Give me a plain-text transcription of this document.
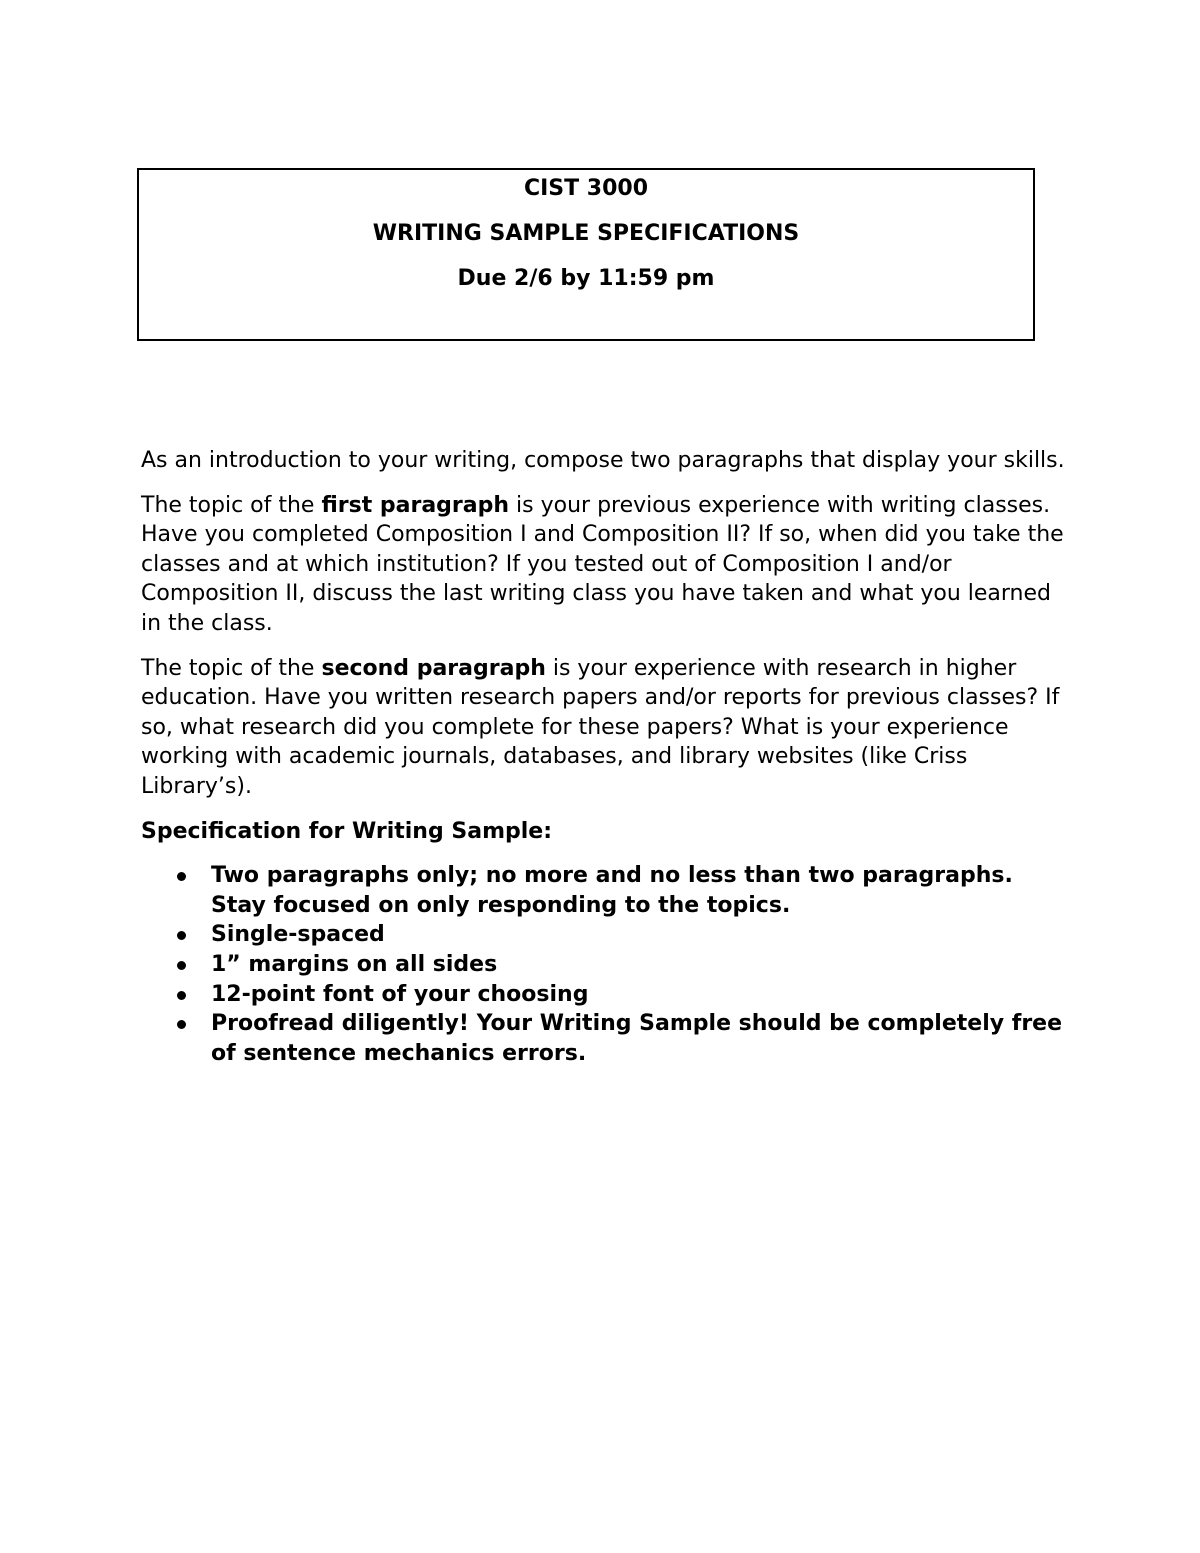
CIST 3000
WRITING SAMPLE SPECIFICATIONS
Due 2/6 by 11:59 pm

As an introduction to your writing, compose two paragraphs that display your skills.

The topic of the first paragraph is your previous experience with writing classes. Have you completed Composition I and Composition II? If so, when did you take the classes and at which institution? If you tested out of Composition I and/or Composition II, discuss the last writing class you have taken and what you learned in the class.

The topic of the second paragraph is your experience with research in higher education. Have you written research papers and/or reports for previous classes? If so, what research did you complete for these papers? What is your experience working with academic journals, databases, and library websites (like Criss Library’s).

Specification for Writing Sample:

Two paragraphs only; no more and no less than two paragraphs. Stay focused on only responding to the topics.
Single-spaced
1” margins on all sides
12-point font of your choosing
Proofread diligently! Your Writing Sample should be completely free of sentence mechanics errors.
